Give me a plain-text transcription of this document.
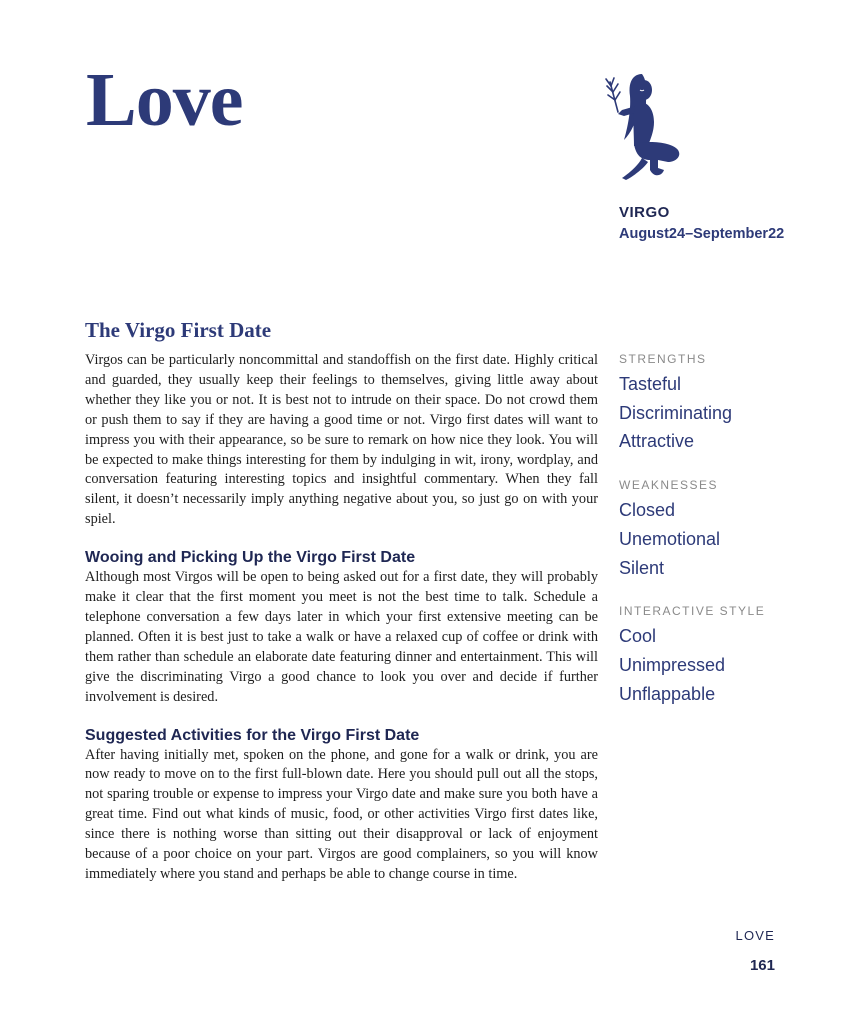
Love

VIRGO

August24–September22

The Virgo First Date

Virgos can be particularly noncommittal and standoffish on the first date. Highly critical and guarded, they usually keep their feelings to themselves, giving little away about whether they like you or not. It is best not to intrude on their space. Do not crowd them or push them to say if they are having a good time or not. Virgo first dates will want to impress you with their appearance, so be sure to remark on how nice they look. You will be expected to make things interesting for them by indulging in wit, irony, wordplay, and conversation featuring interesting topics and insightful commentary. When they fall silent, it doesn’t necessarily imply anything negative about you, so just go on with your spiel.

Wooing and Picking Up the Virgo First Date

Although most Virgos will be open to being asked out for a first date, they will probably make it clear that the first moment you meet is not the best time to talk. Schedule a telephone conversation a few days later in which your first extensive meeting can be planned. Often it is best just to take a walk or have a relaxed cup of coffee or drink with them rather than schedule an elaborate date featuring dinner and entertainment. This will give the discriminating Virgo a good chance to look you over and decide if further involvement is desired.

Suggested Activities for the Virgo First Date

After having initially met, spoken on the phone, and gone for a walk or drink, you are now ready to move on to the first full-blown date. Here you should pull out all the stops, not sparing trouble or expense to impress your Virgo date and make sure you both have a great time. Find out what kinds of music, food, or other activities Virgo first dates like, since there is nothing worse than sitting out their disapproval or lack of enjoyment because of a poor choice on your part. Virgos are good complainers, so you will know immediately where you stand and perhaps be able to change course in time.

STRENGTHS

Tasteful
Discriminating
Attractive

WEAKNESSES

Closed
Unemotional
Silent

INTERACTIVE STYLE

Cool
Unimpressed
Unflappable

LOVE

161
